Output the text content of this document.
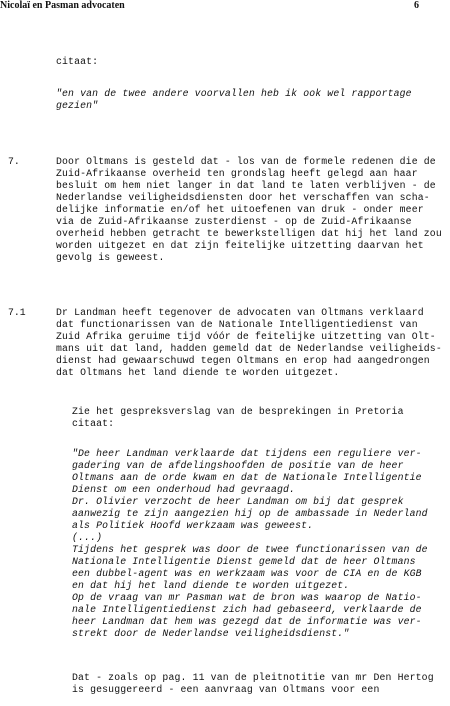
Nicolaï en Pasman advocaten	6
citaat:
"en van de twee andere voorvallen heb ik ook wel rapportage
gezien"
7.	Door Oltmans is gesteld dat - los van de formele redenen die de
Zuid-Afrikaanse overheid ten grondslag heeft gelegd aan haar
besluit om hem niet langer in dat land te laten verblijven - de
Nederlandse veiligheidsdiensten door het verschaffen van scha-
delijke informatie en/of het uitoefenen van druk - onder meer
via de Zuid-Afrikaanse zusterdienst - op de Zuid-Afrikaanse
overheid hebben getracht te bewerkstelligen dat hij het land zou
worden uitgezet en dat zijn feitelijke uitzetting daarvan het
gevolg is geweest.
7.1	Dr Landman heeft tegenover de advocaten van Oltmans verklaard
dat functionarissen van de Nationale Intelligentiedienst van
Zuid Afrika geruime tijd vóór de feitelijke uitzetting van Olt-
mans uit dat land, hadden gemeld dat de Nederlandse veiligheids-
dienst had gewaarschuwd tegen Oltmans en erop had aangedrongen
dat Oltmans het land diende te worden uitgezet.
Zie het gespreksverslag van de besprekingen in Pretoria
citaat:
"De heer Landman verklaarde dat tijdens een reguliere ver-
gadering van de afdelingshoofden de positie van de heer
Oltmans aan de orde kwam en dat de Nationale Intelligentie
Dienst om een onderhoud had gevraagd.
Dr. Olivier verzocht de heer Landman om bij dat gesprek
aanwezig te zijn aangezien hij op de ambassade in Nederland
als Politiek Hoofd werkzaam was geweest.
(...)
Tijdens het gesprek was door de twee functionarissen van de
Nationale Intelligentie Dienst gemeld dat de heer Oltmans
een dubbel-agent was en werkzaam was voor de CIA en de KGB
en dat hij het land diende te worden uitgezet.
Op de vraag van mr Pasman wat de bron was waarop de Natio-
nale Intelligentiedienst zich had gebaseerd, verklaarde de
heer Landman dat hem was gezegd dat de informatie was ver-
strekt door de Nederlandse veiligheidsdienst."
Dat - zoals op pag. 11 van de pleitnotitie van mr Den Hertog
is gesuggereerd - een aanvraag van Oltmans voor een
